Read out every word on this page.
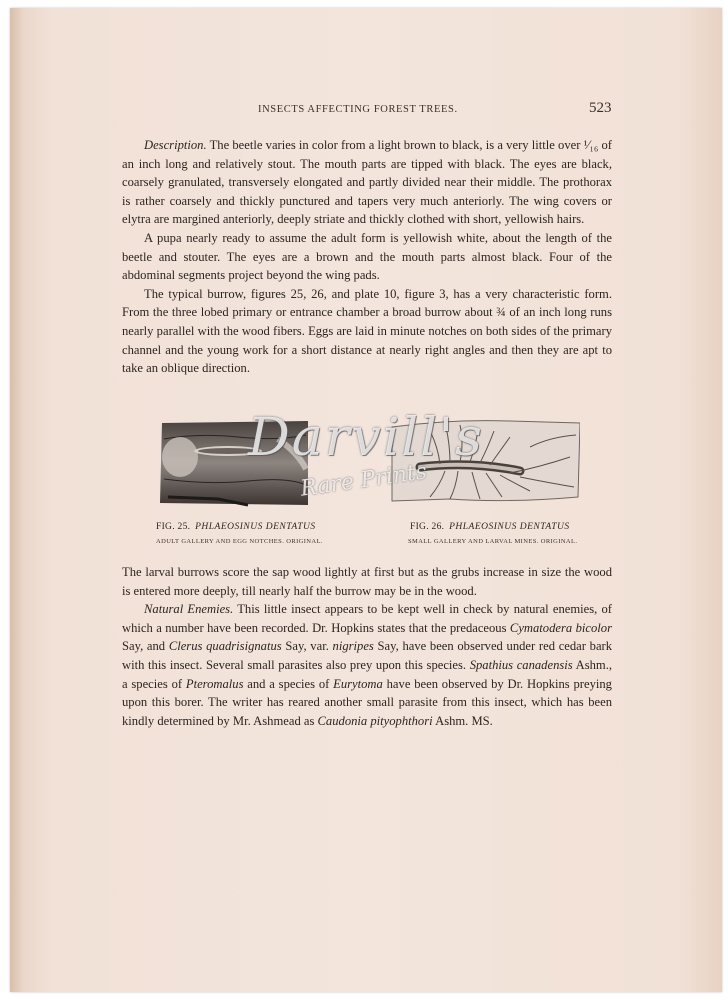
INSECTS AFFECTING FOREST TREES.	523

Description. The beetle varies in color from a light brown to black, is a very little over ¹⁄₁₆ of an inch long and relatively stout. The mouth parts are tipped with black. The eyes are black, coarsely granulated, transversely elongated and partly divided near their middle. The prothorax is rather coarsely and thickly punctured and tapers very much anteriorly. The wing covers or elytra are margined anteriorly, deeply striate and thickly clothed with short, yellowish hairs.

A pupa nearly ready to assume the adult form is yellowish white, about the length of the beetle and stouter. The eyes are a brown and the mouth parts almost black. Four of the abdominal segments project beyond the wing pads.

The typical burrow, figures 25, 26, and plate 10, figure 3, has a very characteristic form. From the three lobed primary or entrance chamber a broad burrow about ¾ of an inch long runs nearly parallel with the wood fibers. Eggs are laid in minute notches on both sides of the primary channel and the young work for a short distance at nearly right angles and then they are apt to take an oblique direction.

FIG. 25. PHLAEOSINUS DENTATUS
ADULT GALLERY AND EGG NOTCHES. ORIGINAL.
FIG. 26. PHLAEOSINUS DENTATUS
SMALL GALLERY AND LARVAL MINES. ORIGINAL.

The larval burrows score the sap wood lightly at first but as the grubs increase in size the wood is entered more deeply, till nearly half the burrow may be in the wood.

Natural Enemies. This little insect appears to be kept well in check by natural enemies, of which a number have been recorded. Dr. Hopkins states that the predaceous Cymatodera bicolor Say, and Clerus quadrisignatus Say, var. nigripes Say, have been observed under red cedar bark with this insect. Several small parasites also prey upon this species. Spathius canadensis Ashm., a species of Pteromalus and a species of Eurytoma have been observed by Dr. Hopkins preying upon this borer. The writer has reared another small parasite from this insect, which has been kindly determined by Mr. Ashmead as Caudonia pityophthori Ashm. MS.

Darvill's
Rare Prints
